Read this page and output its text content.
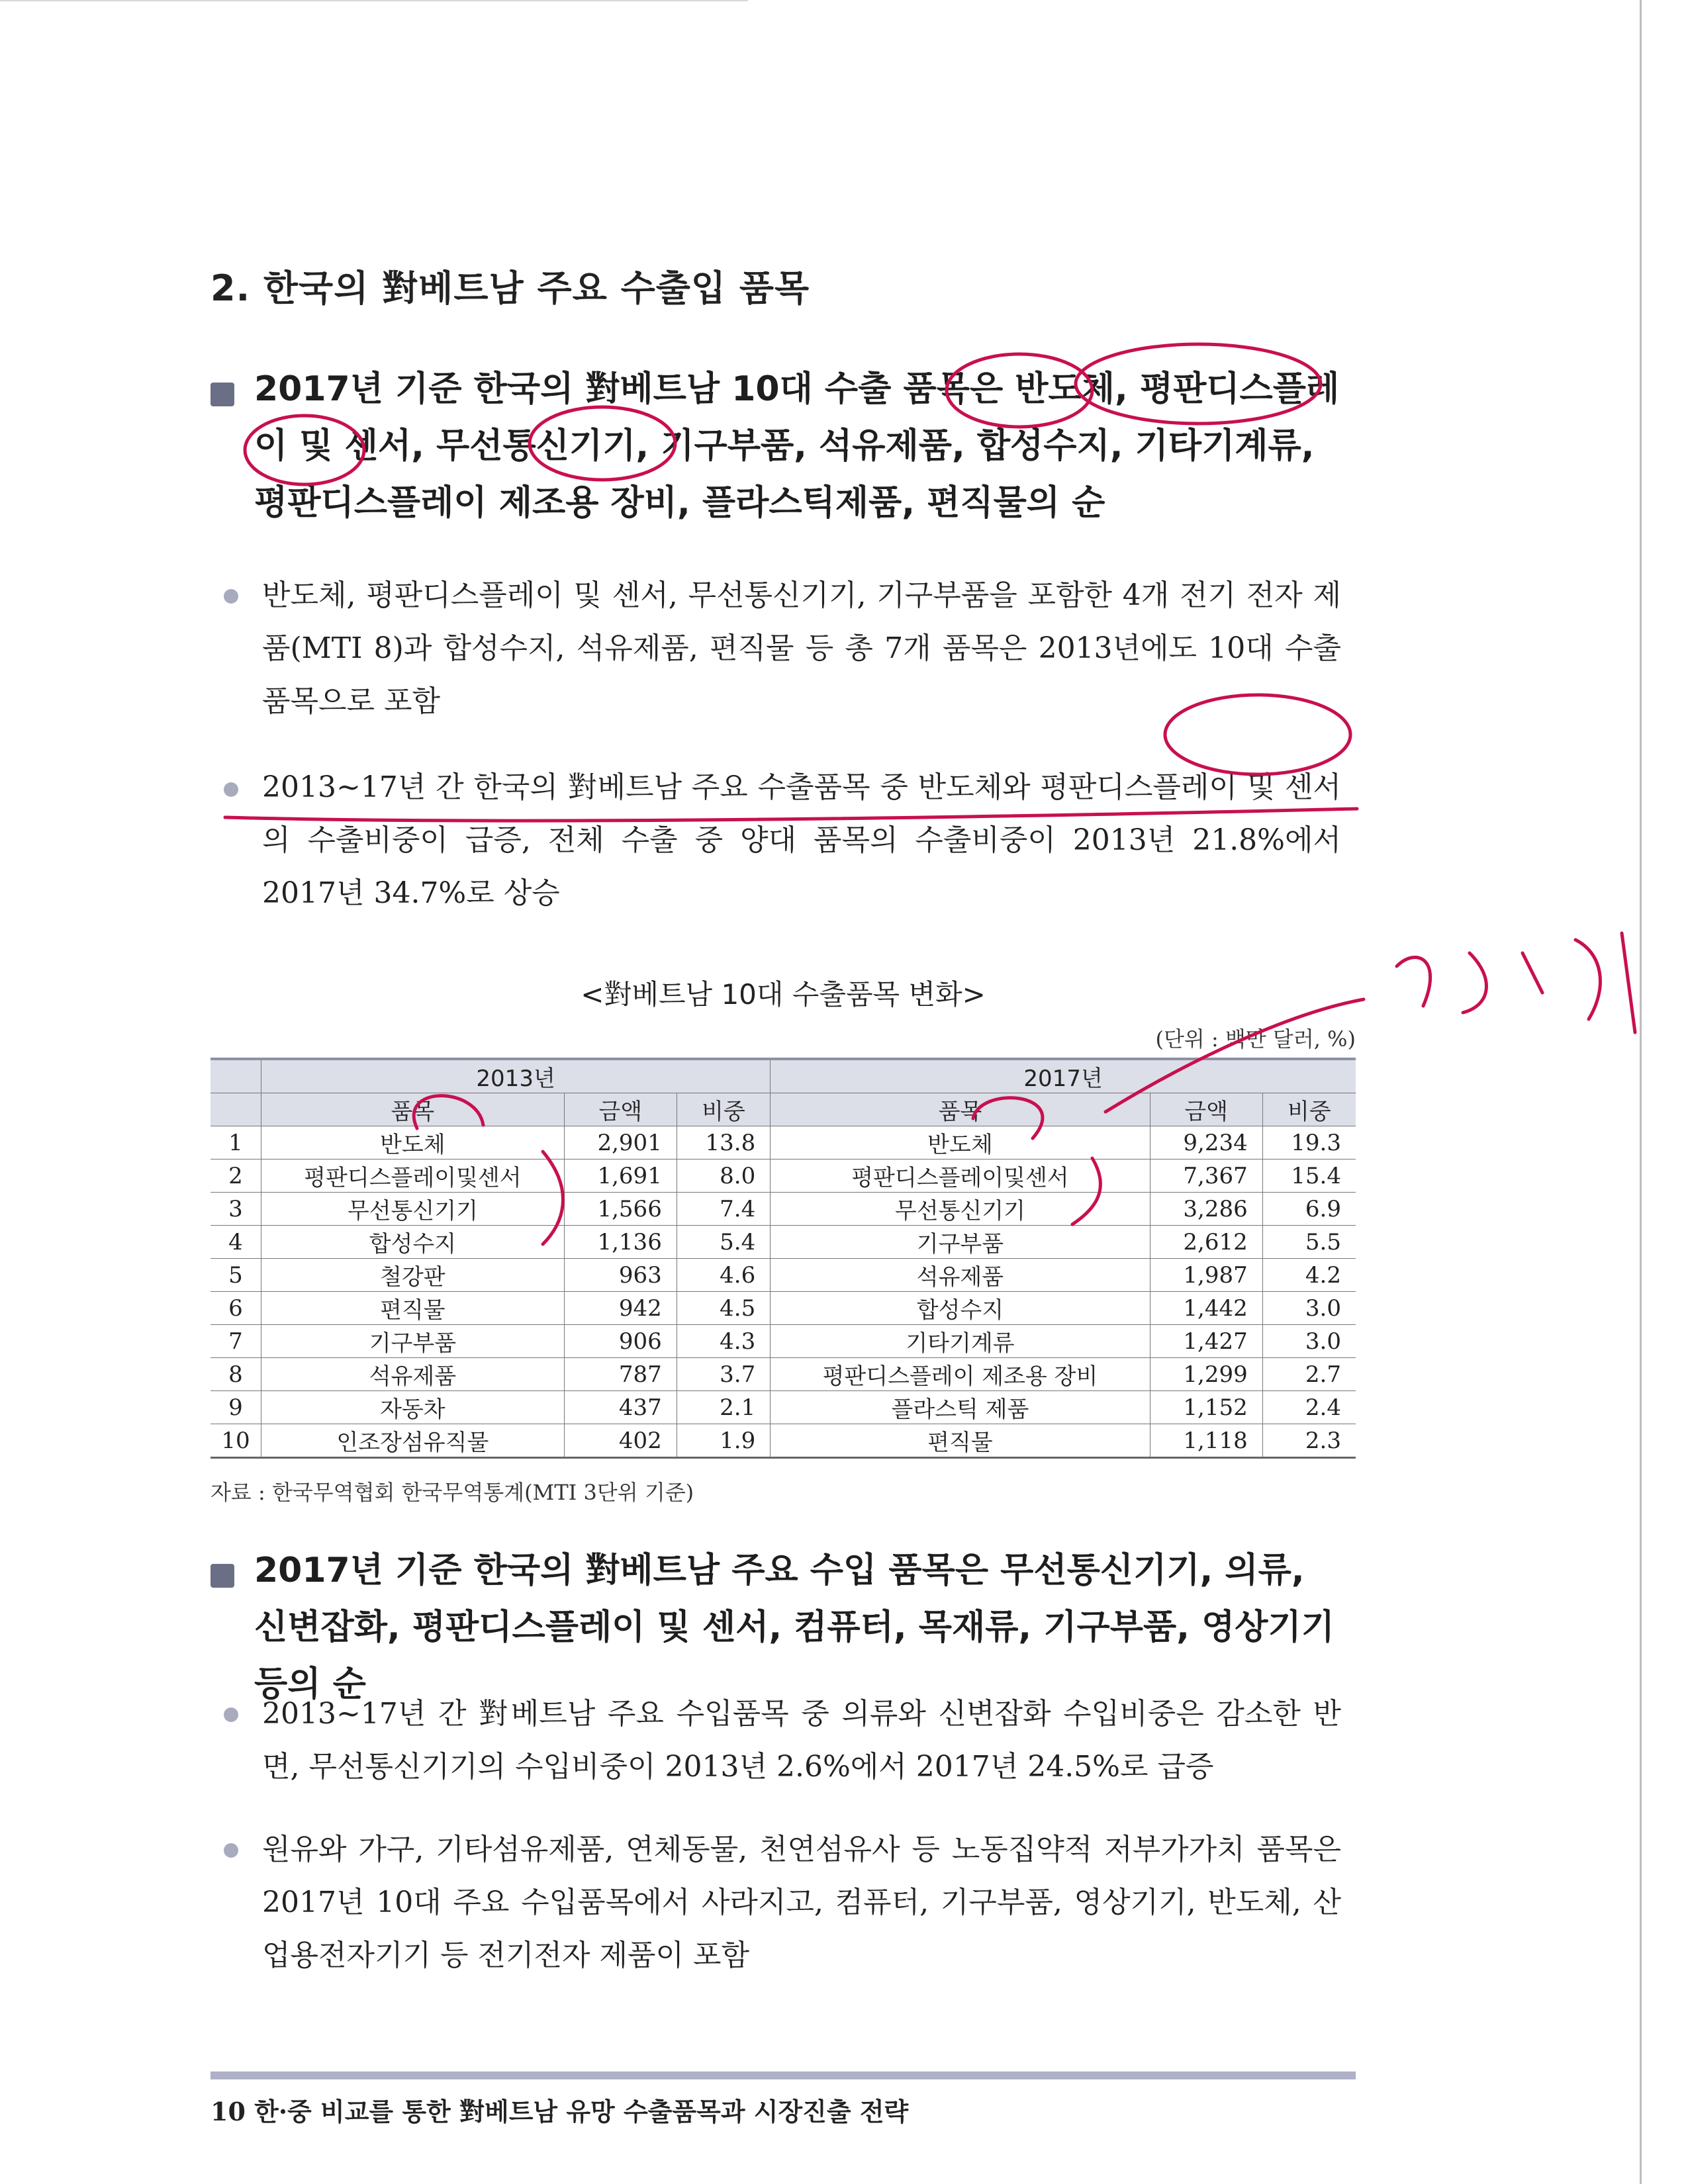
2. 한국의 對베트남 주요 수출입 품목
2017년 기준 한국의 對베트남 10대 수출 품목은 반도체, 평판디스플레이 및 센서, 무선통신기기, 기구부품, 석유제품, 합성수지, 기타기계류, 평판디스플레이 제조용 장비, 플라스틱제품, 편직물의 순
반도체, 평판디스플레이 및 센서, 무선통신기기, 기구부품을 포함한 4개 전기 전자 제품(MTI 8)과 합성수지, 석유제품, 편직물 등 총 7개 품목은 2013년에도 10대 수출품목으로 포함
2013~17년 간 한국의 對베트남 주요 수출품목 중 반도체와 평판디스플레이 및 센서의 수출비중이 급증, 전체 수출 중 양대 품목의 수출비중이 2013년 21.8%에서 2017년 34.7%로 상승
<對베트남 10대 수출품목 변화>
(단위 : 백만 달러, %)
	2013년			2017년		
	품목	금액	비중	품목	금액	비중
1	반도체	2,901	13.8	반도체	9,234	19.3
2	평판디스플레이및센서	1,691	8.0	평판디스플레이및센서	7,367	15.4
3	무선통신기기	1,566	7.4	무선통신기기	3,286	6.9
4	합성수지	1,136	5.4	기구부품	2,612	5.5
5	철강판	963	4.6	석유제품	1,987	4.2
6	편직물	942	4.5	합성수지	1,442	3.0
7	기구부품	906	4.3	기타기계류	1,427	3.0
8	석유제품	787	3.7	평판디스플레이 제조용 장비	1,299	2.7
9	자동차	437	2.1	플라스틱 제품	1,152	2.4
10	인조장섬유직물	402	1.9	편직물	1,118	2.3
자료 : 한국무역협회 한국무역통계(MTI 3단위 기준)
2017년 기준 한국의 對베트남 주요 수입 품목은 무선통신기기, 의류, 신변잡화, 평판디스플레이 및 센서, 컴퓨터, 목재류, 기구부품, 영상기기 등의 순
2013~17년 간 對베트남 주요 수입품목 중 의류와 신변잡화 수입비중은 감소한 반면, 무선통신기기의 수입비중이 2013년 2.6%에서 2017년 24.5%로 급증
원유와 가구, 기타섬유제품, 연체동물, 천연섬유사 등 노동집약적 저부가가치 품목은 2017년 10대 주요 수입품목에서 사라지고, 컴퓨터, 기구부품, 영상기기, 반도체, 산업용전자기기 등 전기전자 제품이 포함
10 한·중 비교를 통한 對베트남 유망 수출품목과 시장진출 전략
